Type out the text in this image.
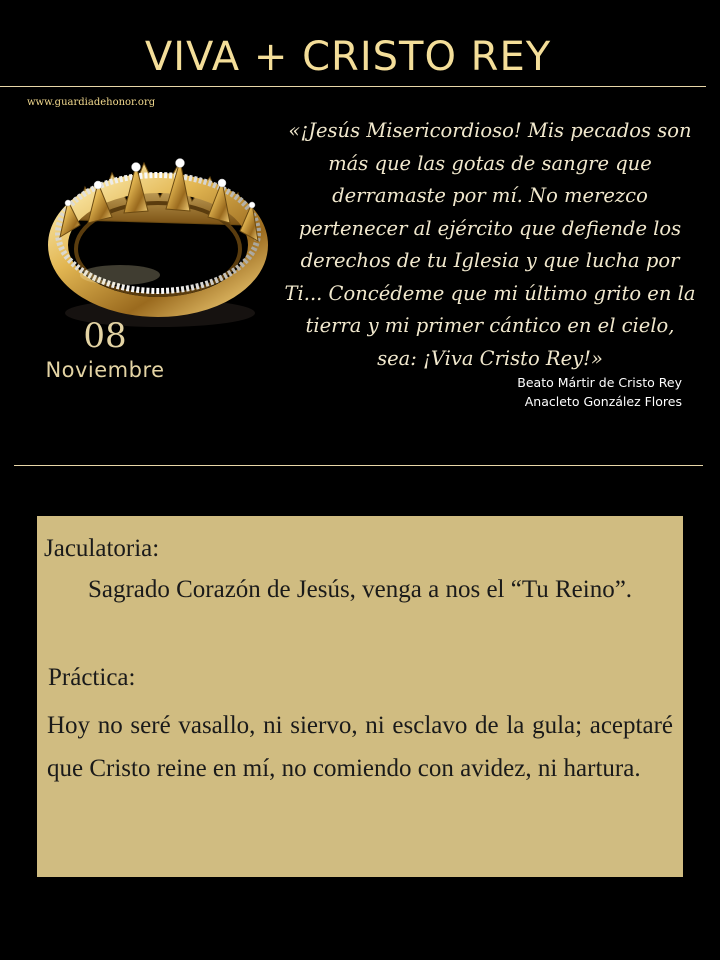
VIVA + CRISTO REY
www.guardiadehonor.org
08
Noviembre
«¡Jesús Misericordioso! Mis pecados son más que las gotas de sangre que derramaste por mí. No merezco pertenecer al ejército que defiende los derechos de tu Iglesia y que lucha por Ti... Concédeme que mi último grito en la tierra y mi primer cántico en el cielo, sea: ¡Viva Cristo Rey!»
Beato Mártir de Cristo Rey
Anacleto González Flores
Jaculatoria:
Sagrado Corazón de Jesús, venga a nos el “Tu Reino”.
Práctica:
Hoy no seré vasallo, ni siervo, ni esclavo de la gula; aceptaré que Cristo reine en mí, no comiendo con avidez, ni hartura.
